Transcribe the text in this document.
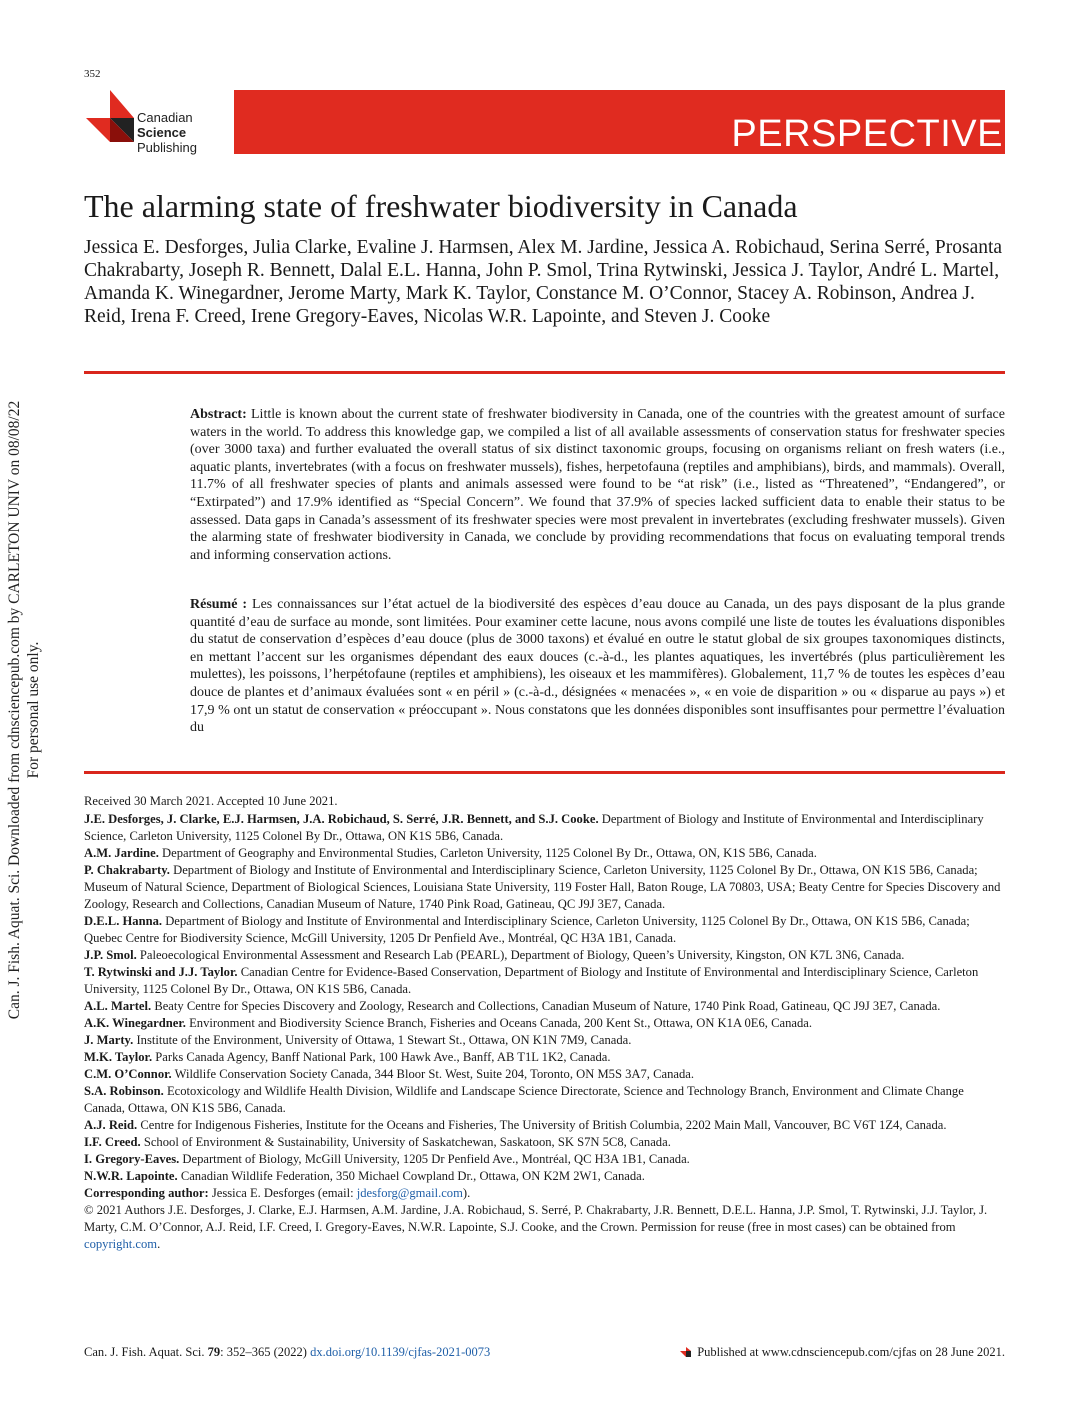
352
Canadian
Science
Publishing	PERSPECTIVE
The alarming state of freshwater biodiversity in Canada
Jessica E. Desforges, Julia Clarke, Evaline J. Harmsen, Alex M. Jardine, Jessica A. Robichaud, Serina Serré, Prosanta Chakrabarty, Joseph R. Bennett, Dalal E.L. Hanna, John P. Smol, Trina Rytwinski, Jessica J. Taylor, André L. Martel, Amanda K. Winegardner, Jerome Marty, Mark K. Taylor, Constance M. O’Connor, Stacey A. Robinson, Andrea J. Reid, Irena F. Creed, Irene Gregory-Eaves, Nicolas W.R. Lapointe, and Steven J. Cooke
Abstract: Little is known about the current state of freshwater biodiversity in Canada, one of the countries with the greatest amount of surface waters in the world. To address this knowledge gap, we compiled a list of all available assessments of conservation status for freshwater species (over 3000 taxa) and further evaluated the overall status of six distinct taxonomic groups, focusing on organisms reliant on fresh waters (i.e., aquatic plants, invertebrates (with a focus on freshwater mussels), fishes, herpetofauna (reptiles and amphibians), birds, and mammals). Overall, 11.7% of all freshwater species of plants and animals assessed were found to be “at risk” (i.e., listed as “Threatened”, “Endangered”, or “Extirpated”) and 17.9% identified as “Special Concern”. We found that 37.9% of species lacked sufficient data to enable their status to be assessed. Data gaps in Canada’s assessment of its freshwater species were most prevalent in invertebrates (excluding freshwater mussels). Given the alarming state of freshwater biodiversity in Canada, we conclude by providing recommendations that focus on evaluating temporal trends and informing conservation actions.
Résumé : Les connaissances sur l’état actuel de la biodiversité des espèces d’eau douce au Canada, un des pays disposant de la plus grande quantité d’eau de surface au monde, sont limitées. Pour examiner cette lacune, nous avons compilé une liste de toutes les évaluations disponibles du statut de conservation d’espèces d’eau douce (plus de 3000 taxons) et évalué en outre le statut global de six groupes taxonomiques distincts, en mettant l’accent sur les organismes dépendant des eaux douces (c.-à-d., les plantes aquatiques, les invertébrés (plus particulièrement les mulettes), les poissons, l’herpétofaune (reptiles et amphibiens), les oiseaux et les mammifères). Globalement, 11,7 % de toutes les espèces d’eau douce de plantes et d’animaux évaluées sont « en péril » (c.-à-d., désignées « menacées », « en voie de disparition » ou « disparue au pays ») et 17,9 % ont un statut de conservation « préoccupant ». Nous constatons que les données disponibles sont insuffisantes pour permettre l’évaluation du
Can. J. Fish. Aquat. Sci. Downloaded from cdnsciencepub.com by CARLETON UNIV on 08/08/22 For personal use only.

Received 30 March 2021. Accepted 10 June 2021.

J.E. Desforges, J. Clarke, E.J. Harmsen, J.A. Robichaud, S. Serré, J.R. Bennett, and S.J. Cooke. Department of Biology and Institute of Environmental and Interdisciplinary Science, Carleton University, 1125 Colonel By Dr., Ottawa, ON K1S 5B6, Canada.

A.M. Jardine. Department of Geography and Environmental Studies, Carleton University, 1125 Colonel By Dr., Ottawa, ON, K1S 5B6, Canada.

P. Chakrabarty. Department of Biology and Institute of Environmental and Interdisciplinary Science, Carleton University, 1125 Colonel By Dr., Ottawa, ON K1S 5B6, Canada; Museum of Natural Science, Department of Biological Sciences, Louisiana State University, 119 Foster Hall, Baton Rouge, LA 70803, USA; Beaty Centre for Species Discovery and Zoology, Research and Collections, Canadian Museum of Nature, 1740 Pink Road, Gatineau, QC J9J 3E7, Canada.

D.E.L. Hanna. Department of Biology and Institute of Environmental and Interdisciplinary Science, Carleton University, 1125 Colonel By Dr., Ottawa, ON K1S 5B6, Canada; Quebec Centre for Biodiversity Science, McGill University, 1205 Dr Penfield Ave., Montréal, QC H3A 1B1, Canada.

J.P. Smol. Paleoecological Environmental Assessment and Research Lab (PEARL), Department of Biology, Queen’s University, Kingston, ON K7L 3N6, Canada.

T. Rytwinski and J.J. Taylor. Canadian Centre for Evidence-Based Conservation, Department of Biology and Institute of Environmental and Interdisciplinary Science, Carleton University, 1125 Colonel By Dr., Ottawa, ON K1S 5B6, Canada.

A.L. Martel. Beaty Centre for Species Discovery and Zoology, Research and Collections, Canadian Museum of Nature, 1740 Pink Road, Gatineau, QC J9J 3E7, Canada.

A.K. Winegardner. Environment and Biodiversity Science Branch, Fisheries and Oceans Canada, 200 Kent St., Ottawa, ON K1A 0E6, Canada.

J. Marty. Institute of the Environment, University of Ottawa, 1 Stewart St., Ottawa, ON K1N 7M9, Canada.

M.K. Taylor. Parks Canada Agency, Banff National Park, 100 Hawk Ave., Banff, AB T1L 1K2, Canada.

C.M. O’Connor. Wildlife Conservation Society Canada, 344 Bloor St. West, Suite 204, Toronto, ON M5S 3A7, Canada.

S.A. Robinson. Ecotoxicology and Wildlife Health Division, Wildlife and Landscape Science Directorate, Science and Technology Branch, Environment and Climate Change Canada, Ottawa, ON K1S 5B6, Canada.

A.J. Reid. Centre for Indigenous Fisheries, Institute for the Oceans and Fisheries, The University of British Columbia, 2202 Main Mall, Vancouver, BC V6T 1Z4, Canada.

I.F. Creed. School of Environment & Sustainability, University of Saskatchewan, Saskatoon, SK S7N 5C8, Canada.

I. Gregory-Eaves. Department of Biology, McGill University, 1205 Dr Penfield Ave., Montréal, QC H3A 1B1, Canada.

N.W.R. Lapointe. Canadian Wildlife Federation, 350 Michael Cowpland Dr., Ottawa, ON K2M 2W1, Canada.

Corresponding author: Jessica E. Desforges (email: jdesforg@gmail.com).

© 2021 Authors J.E. Desforges, J. Clarke, E.J. Harmsen, A.M. Jardine, J.A. Robichaud, S. Serré, P. Chakrabarty, J.R. Bennett, D.E.L. Hanna, J.P. Smol, T. Rytwinski, J.J. Taylor, J. Marty, C.M. O’Connor, A.J. Reid, I.F. Creed, I. Gregory-Eaves, N.W.R. Lapointe, S.J. Cooke, and the Crown. Permission for reuse (free in most cases) can be obtained from copyright.com.

Can. J. Fish. Aquat. Sci. 79: 352–365 (2022) dx.doi.org/10.1139/cjfas-2021-0073	Published at www.cdnsciencepub.com/cjfas on 28 June 2021.
